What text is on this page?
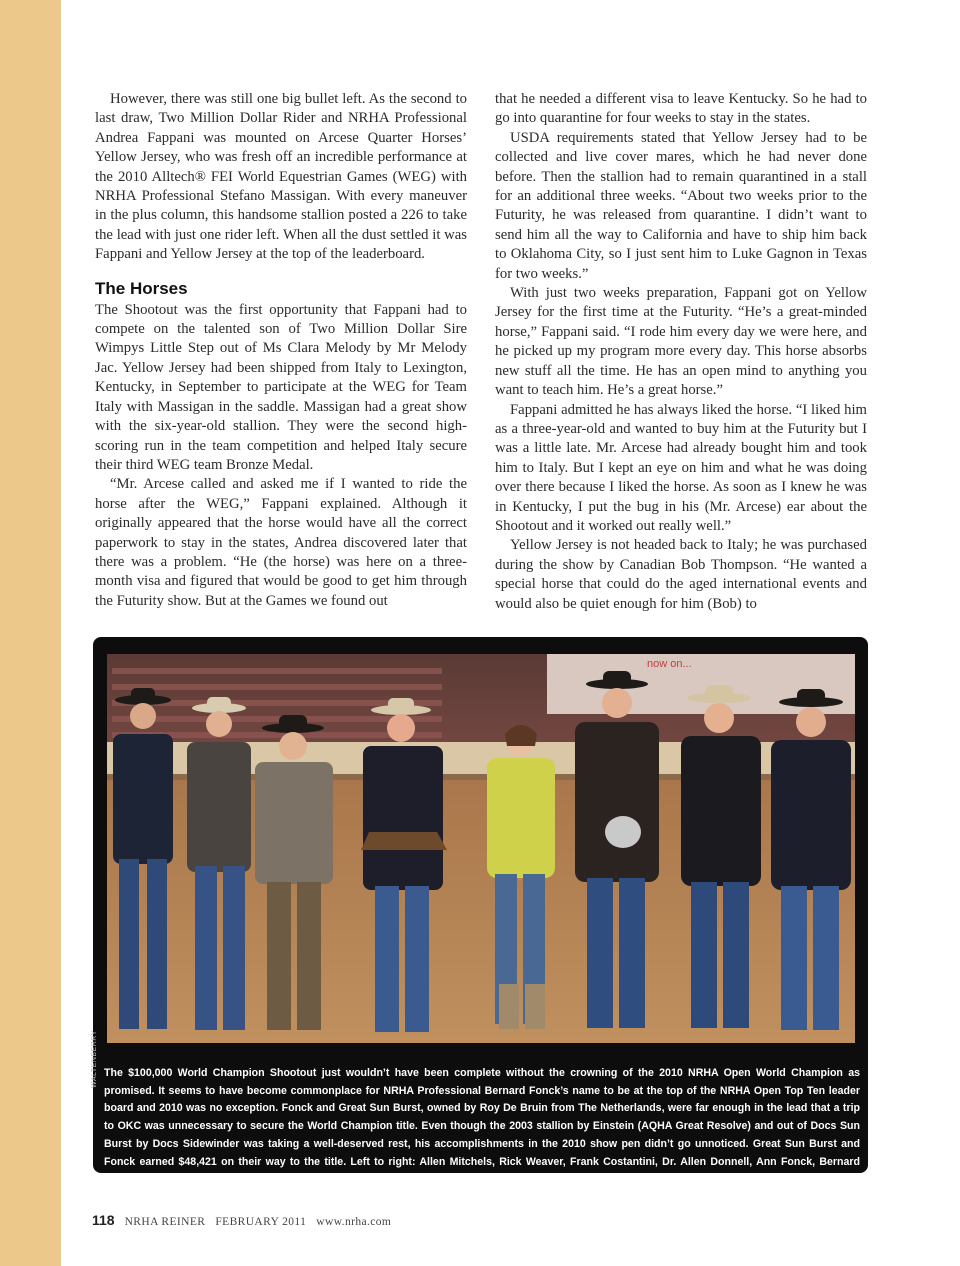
However, there was still one big bullet left. As the second to last draw, Two Million Dollar Rider and NRHA Professional Andrea Fappani was mounted on Arcese Quarter Horses’ Yellow Jersey, who was fresh off an incredible performance at the 2010 Alltech® FEI World Equestrian Games (WEG) with NRHA Professional Stefano Massigan. With every maneuver in the plus column, this handsome stallion posted a 226 to take the lead with just one rider left. When all the dust settled it was Fappani and Yellow Jersey at the top of the leaderboard.

The Horses

The Shootout was the first opportunity that Fappani had to compete on the talented son of Two Million Dollar Sire Wimpys Little Step out of Ms Clara Melody by Mr Melody Jac. Yellow Jersey had been shipped from Italy to Lexington, Kentucky, in September to participate at the WEG for Team Italy with Massigan in the saddle. Massigan had a great show with the six-year-old stallion. They were the second high-scoring run in the team competition and helped Italy secure their third WEG team Bronze Medal.

“Mr. Arcese called and asked me if I wanted to ride the horse after the WEG,” Fappani explained. Although it originally appeared that the horse would have all the correct paperwork to stay in the states, Andrea discovered later that there was a problem. “He (the horse) was here on a three-month visa and figured that would be good to get him through the Futurity show. But at the Games we found out

that he needed a different visa to leave Kentucky. So he had to go into quarantine for four weeks to stay in the states.

USDA requirements stated that Yellow Jersey had to be collected and live cover mares, which he had never done before. Then the stallion had to remain quarantined in a stall for an additional three weeks. “About two weeks prior to the Futurity, he was released from quarantine. I didn’t want to send him all the way to California and have to ship him back to Oklahoma City, so I just sent him to Luke Gagnon in Texas for two weeks.”

With just two weeks preparation, Fappani got on Yellow Jersey for the first time at the Futurity. “He’s a great-minded horse,” Fappani said. “I rode him every day we were here, and he picked up my program more every day. This horse absorbs new stuff all the time. He has an open mind to anything you want to teach him. He’s a great horse.”

Fappani admitted he has always liked the horse. “I liked him as a three-year-old and wanted to buy him at the Futurity but I was a little late. Mr. Arcese had already bought him and took him to Italy. But I kept an eye on him and what he was doing over there because I liked the horse. As soon as I knew he was in Kentucky, I put the bug in his (Mr. Arcese) ear about the Shootout and it worked out really well.”

Yellow Jersey is not headed back to Italy; he was purchased during the show by Canadian Bob Thompson. “He wanted a special horse that could do the aged international events and would also be quiet enough for him (Bob) to

now on...
WALTENBERRY The $100,000 World Champion Shootout just wouldn’t have been complete without the crowning of the 2010 NRHA Open World Champion as promised. It seems to have become commonplace for NRHA Professional Bernard Fonck’s name to be at the top of the NRHA Open Top Ten leader board and 2010 was no exception. Fonck and Great Sun Burst, owned by Roy De Bruin from The Netherlands, were far enough in the lead that a trip to OKC was unnecessary to secure the World Champion title. Even though the 2003 stallion by Einstein (AQHA Great Resolve) and out of Docs Sun Burst by Docs Sidewinder was taking a well-deserved rest, his accomplishments in the 2010 show pen didn’t go unnoticed. Great Sun Burst and Fonck earned $48,421 on their way to the title. Left to right: Allen Mitchels, Rick Weaver, Frank Costantini, Dr. Allen Donnell, Ann Fonck, Bernard Fonck, Ruben Vandorp, and Dan Wall.
118 NRHA REINER FEBRUARY 2011 www.nrha.com
